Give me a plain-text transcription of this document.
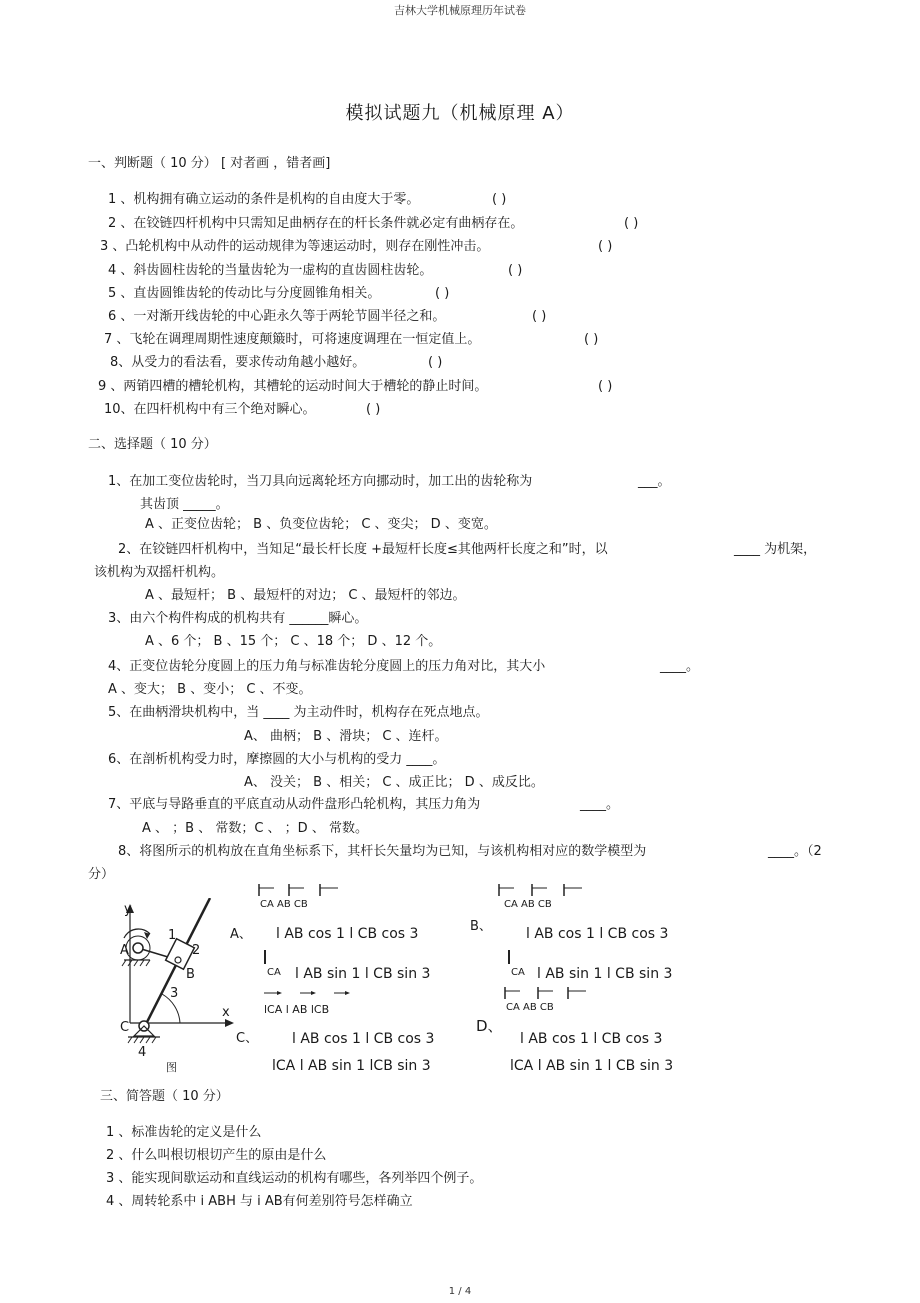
吉林大学机械原理历年试卷
模拟试题九（机械原理 A）
一、判断题（ 10 分） [ 对者画 ，错者画]
1 、机构拥有确立运动的条件是机构的自由度大于零。	( )
2 、在铰链四杆机构中只需知足曲柄存在的杆长条件就必定有曲柄存在。	( )
3 、凸轮机构中从动件的运动规律为等速运动时，则存在刚性冲击。	( )
4 、斜齿圆柱齿轮的当量齿轮为一虚构的直齿圆柱齿轮。	( )
5 、直齿圆锥齿轮的传动比与分度圆锥角相关。	( )
6 、一对渐开线齿轮的中心距永久等于两轮节圆半径之和。	( )
7 、飞轮在调理周期性速度颠簸时，可将速度调理在一恒定值上。	( )
8、从受力的看法看，要求传动角越小越好。	( )
9 、两销四槽的槽轮机构，其槽轮的运动时间大于槽轮的静止时间。	( )
10、在四杆机构中有三个绝对瞬心。	( )
二、选择题（ 10 分）
1、在加工变位齿轮时，当刀具向远离轮坯方向挪动时，加工出的齿轮称为	___。
其齿顶 _____。
A 、正变位齿轮； B 、负变位齿轮； C 、变尖； D 、变宽。
2、在铰链四杆机构中，当知足“最长杆长度 +最短杆长度≤其他两杆长度之和”时，以	____ 为机架，
该机构为双摇杆机构。
A 、最短杆； B 、最短杆的对边； C 、最短杆的邻边。
3、由六个构件构成的机构共有 ______瞬心。
A 、6 个； B 、15 个； C 、18 个； D 、12 个。
4、正变位齿轮分度圆上的压力角与标准齿轮分度圆上的压力角对比，其大小	____。
A 、变大； B 、变小； C 、不变。
5、在曲柄滑块机构中，当 ____ 为主动件时，机构存在死点地点。
A、 曲柄； B 、滑块； C 、连杆。
6、在剖析机构受力时，摩擦圆的大小与机构的受力 ____。
A、 没关； B 、相关； C 、成正比； D 、成反比。
7、平底与导路垂直的平底直动从动件盘形凸轮机构，其压力角为	____。
A 、 ；B 、 常数；C 、 ；D 、 常数。
8、将图所示的机构放在直角坐标系下，其杆长矢量均为已知，与该机构相对应的数学模型为	____。（2
分）
y
x
A
B
C
1
2
3
4
图
CA AB CB
A、 l AB cos 1 l CB cos 3
CA l AB sin 1 l CB sin 3
CA AB CB
B、 l AB cos 1 l CB cos 3
CA l AB sin 1 l CB sin 3
CA AB CB
lCA l AB lCB
C、 l AB cos 1 l CB cos 3
lCA l AB sin 1 lCB sin 3
D、
l AB cos 1 l CB cos 3
lCA l AB sin 1 l CB sin 3
三、简答题（ 10 分）
1 、标准齿轮的定义是什么
2 、什么叫根切根切产生的原由是什么
3 、能实现间歇运动和直线运动的机构有哪些，各列举四个例子。
4 、周转轮系中 i ABH 与 i AB有何差别符号怎样确立
1 / 4
